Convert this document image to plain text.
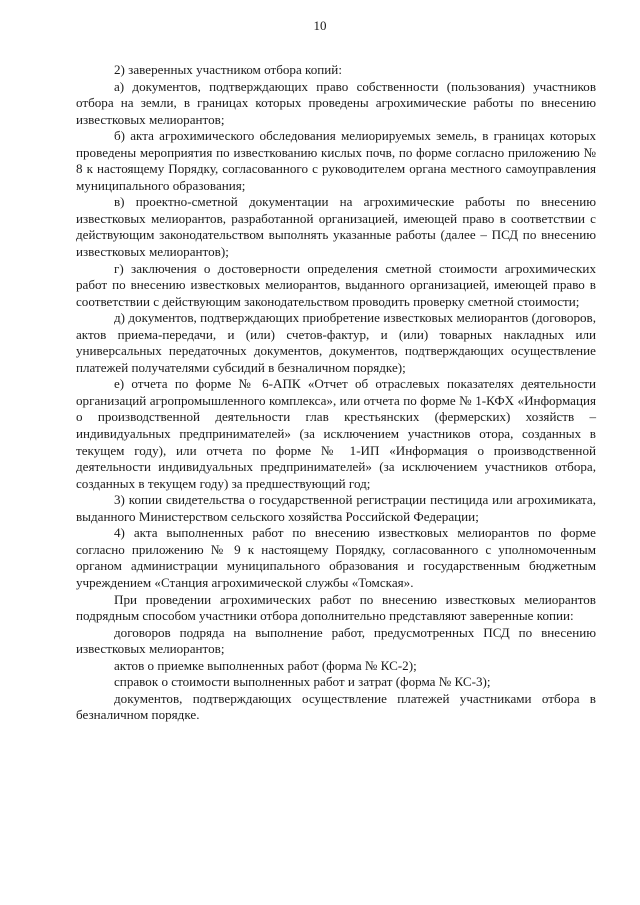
10

2) заверенных участником отбора копий:

а) документов, подтверждающих право собственности (пользования) участников отбора на земли, в границах которых проведены агрохимические работы по внесению известковых мелиорантов;

б) акта агрохимического обследования мелиорируемых земель, в границах которых проведены мероприятия по известкованию кислых почв, по форме согласно приложению № 8 к настоящему Порядку, согласованного с руководителем органа местного самоуправления муниципального образования;

в) проектно-сметной документации на агрохимические работы по внесению известковых мелиорантов, разработанной организацией, имеющей право в соответствии с действующим законодательством выполнять указанные работы (далее – ПСД по внесению известковых мелиорантов);

г) заключения о достоверности определения сметной стоимости агрохимических работ по внесению известковых мелиорантов, выданного организацией, имеющей право в соответствии с действующим законодательством проводить проверку сметной стоимости;

д) документов, подтверждающих приобретение известковых мелиорантов (договоров, актов приема-передачи, и (или) счетов-фактур, и (или) товарных накладных или универсальных передаточных документов, документов, подтверждающих осуществление платежей получателями субсидий в безналичном порядке);

е) отчета по форме № 6-АПК «Отчет об отраслевых показателях деятельности организаций агропромышленного комплекса», или отчета по форме № 1-КФХ «Информация о производственной деятельности глав крестьянских (фермерских) хозяйств – индивидуальных предпринимателей» (за исключением участников отора, созданных в текущем году), или отчета по форме № 1-ИП «Информация о производственной деятельности индивидуальных предпринимателей» (за исключением участников отбора, созданных в текущем году) за предшествующий год;

3) копии свидетельства о государственной регистрации пестицида или агрохимиката, выданного Министерством сельского хозяйства Российской Федерации;

4) акта выполненных работ по внесению известковых мелиорантов по форме согласно приложению № 9 к настоящему Порядку, согласованного с уполномоченным органом администрации муниципального образования и государственным бюджетным учреждением «Станция агрохимической службы «Томская».

При проведении агрохимических работ по внесению известковых мелиорантов подрядным способом участники отбора дополнительно представляют заверенные копии:

договоров подряда на выполнение работ, предусмотренных ПСД по внесению известковых мелиорантов;

актов о приемке выполненных работ (форма № КС-2);

справок о стоимости выполненных работ и затрат (форма № КС-3);

документов, подтверждающих осуществление платежей участниками отбора в безналичном порядке.
